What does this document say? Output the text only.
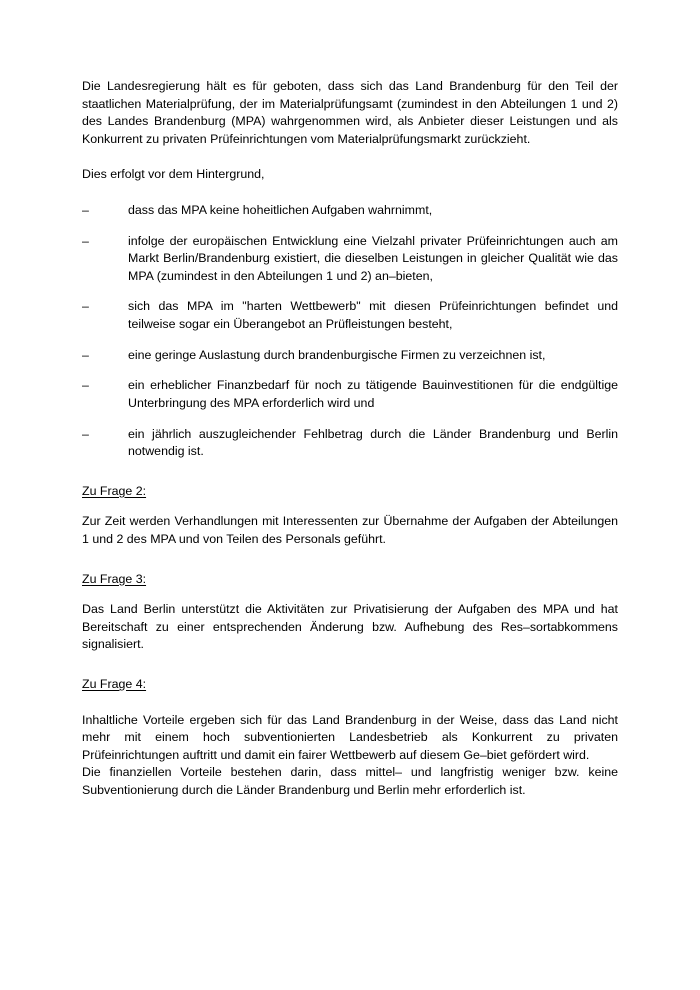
Die Landesregierung hält es für geboten, dass sich das Land Brandenburg für den Teil der staatlichen Materialprüfung, der im Materialprüfungsamt (zumindest in den Abteilungen 1 und 2) des Landes Brandenburg (MPA) wahrgenommen wird, als Anbieter dieser Leistungen und als Konkurrent zu privaten Prüfeinrichtungen vom Materialprüfungsmarkt zurückzieht.

Dies erfolgt vor dem Hintergrund,

–	dass das MPA keine hoheitlichen Aufgaben wahrnimmt,
–	infolge der europäischen Entwicklung eine Vielzahl privater Prüfeinrichtungen auch am Markt Berlin/Brandenburg existiert, die dieselben Leistungen in gleicher Qualität wie das MPA (zumindest in den Abteilungen 1 und 2) an–bieten,
–	sich das MPA im "harten Wettbewerb" mit diesen Prüfeinrichtungen befindet und teilweise sogar ein Überangebot an Prüfleistungen besteht,
–	eine geringe Auslastung durch brandenburgische Firmen zu verzeichnen ist,
–	ein erheblicher Finanzbedarf für noch zu tätigende Bauinvestitionen für die endgültige Unterbringung des MPA erforderlich wird und
–	ein jährlich auszugleichender Fehlbetrag durch die Länder Brandenburg und Berlin notwendig ist.

Zu Frage 2:

Zur Zeit werden Verhandlungen mit Interessenten zur Übernahme der Aufgaben der Abteilungen 1 und 2 des MPA und von Teilen des Personals geführt.

Zu Frage 3:

Das Land Berlin unterstützt die Aktivitäten zur Privatisierung der Aufgaben des MPA und hat Bereitschaft zu einer entsprechenden Änderung bzw. Aufhebung des Res–sortabkommens signalisiert.

Zu Frage 4:

Inhaltliche Vorteile ergeben sich für das Land Brandenburg in der Weise, dass das Land nicht mehr mit einem hoch subventionierten Landesbetrieb als Konkurrent zu privaten Prüfeinrichtungen auftritt und damit ein fairer Wettbewerb auf diesem Ge–biet gefördert wird.
Die finanziellen Vorteile bestehen darin, dass mittel– und langfristig weniger bzw. keine Subventionierung durch die Länder Brandenburg und Berlin mehr erforderlich ist.
